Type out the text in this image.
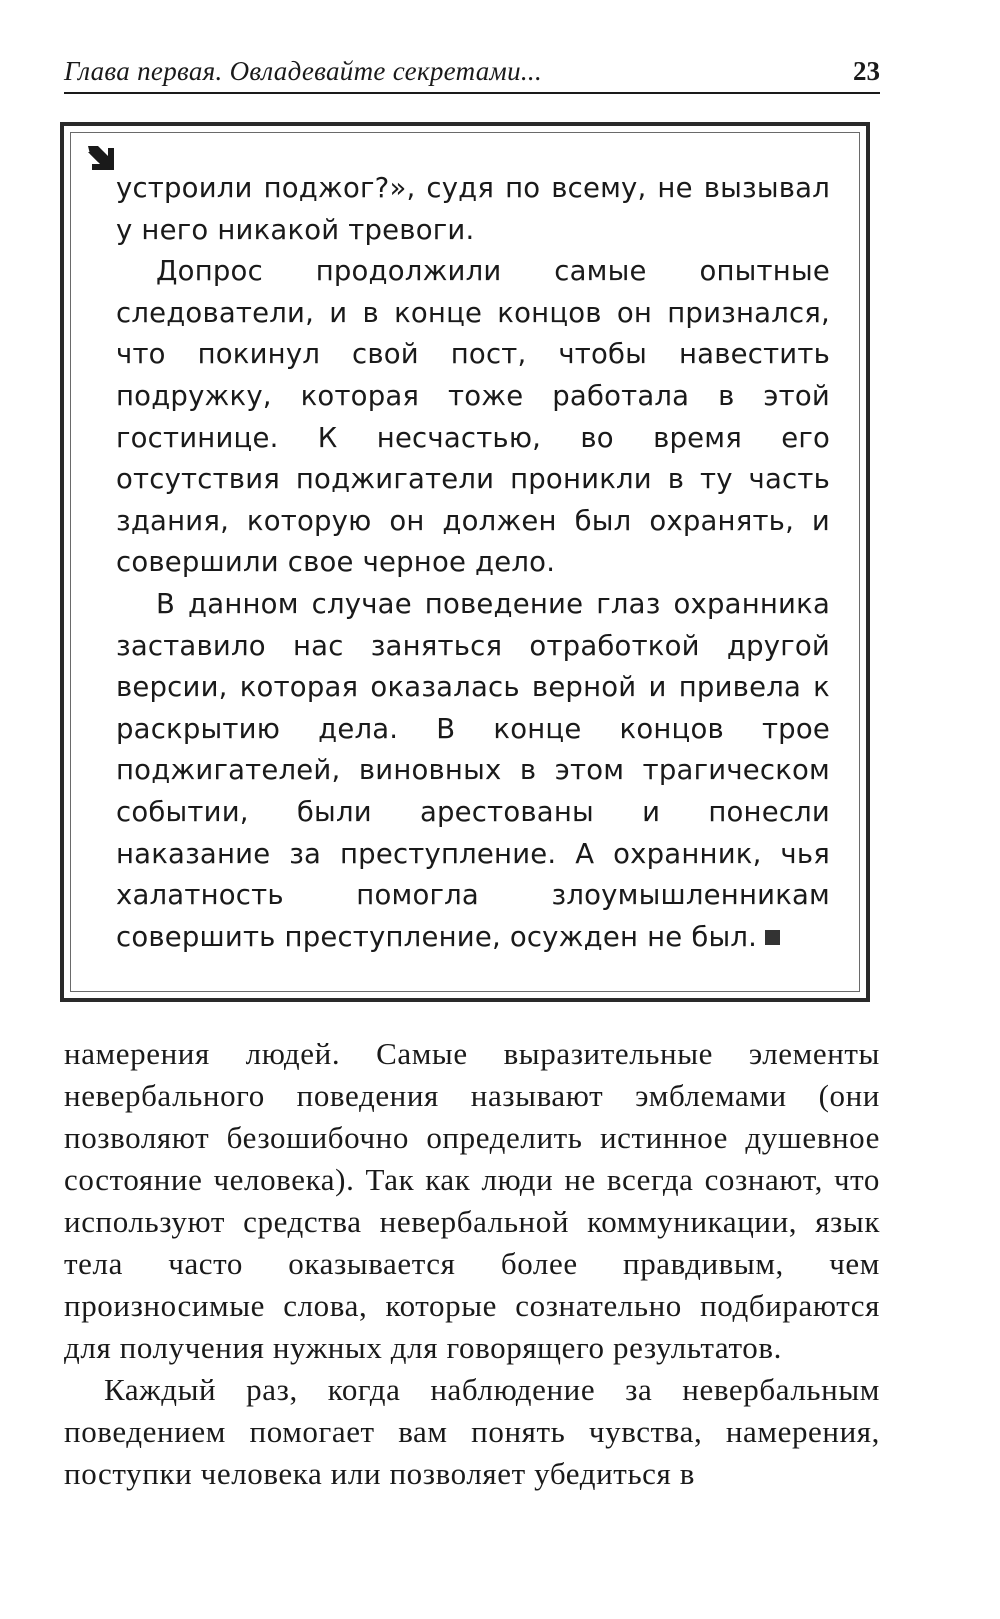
Глава первая. Овладевайте секретами...	23

устроили поджог?», судя по всему, не вызывал у него никакой тревоги.

Допрос продолжили самые опытные следователи, и в конце концов он признался, что покинул свой пост, чтобы навестить подружку, которая тоже работала в этой гостинице. К несчастью, во время его отсутствия поджигатели проникли в ту часть здания, которую он должен был охранять, и совершили свое черное дело.

В данном случае поведение глаз охранника заставило нас заняться отработкой другой версии, которая оказалась верной и привела к раскрытию дела. В конце концов трое поджигателей, виновных в этом трагическом событии, были арестованы и понесли наказание за преступление. А охранник, чья халатность помогла злоумышленникам совершить преступление, осужден не был.

намерения людей. Самые выразительные элементы невербального поведения называют эмблемами (они позволяют безошибочно определить истинное душевное состояние человека). Так как люди не всегда сознают, что используют средства невербальной коммуникации, язык тела часто оказывается более правдивым, чем произносимые слова, которые сознательно подбираются для получения нужных для говорящего результатов.

Каждый раз, когда наблюдение за невербальным поведением помогает вам понять чувства, намерения, поступки человека или позволяет убедиться в
